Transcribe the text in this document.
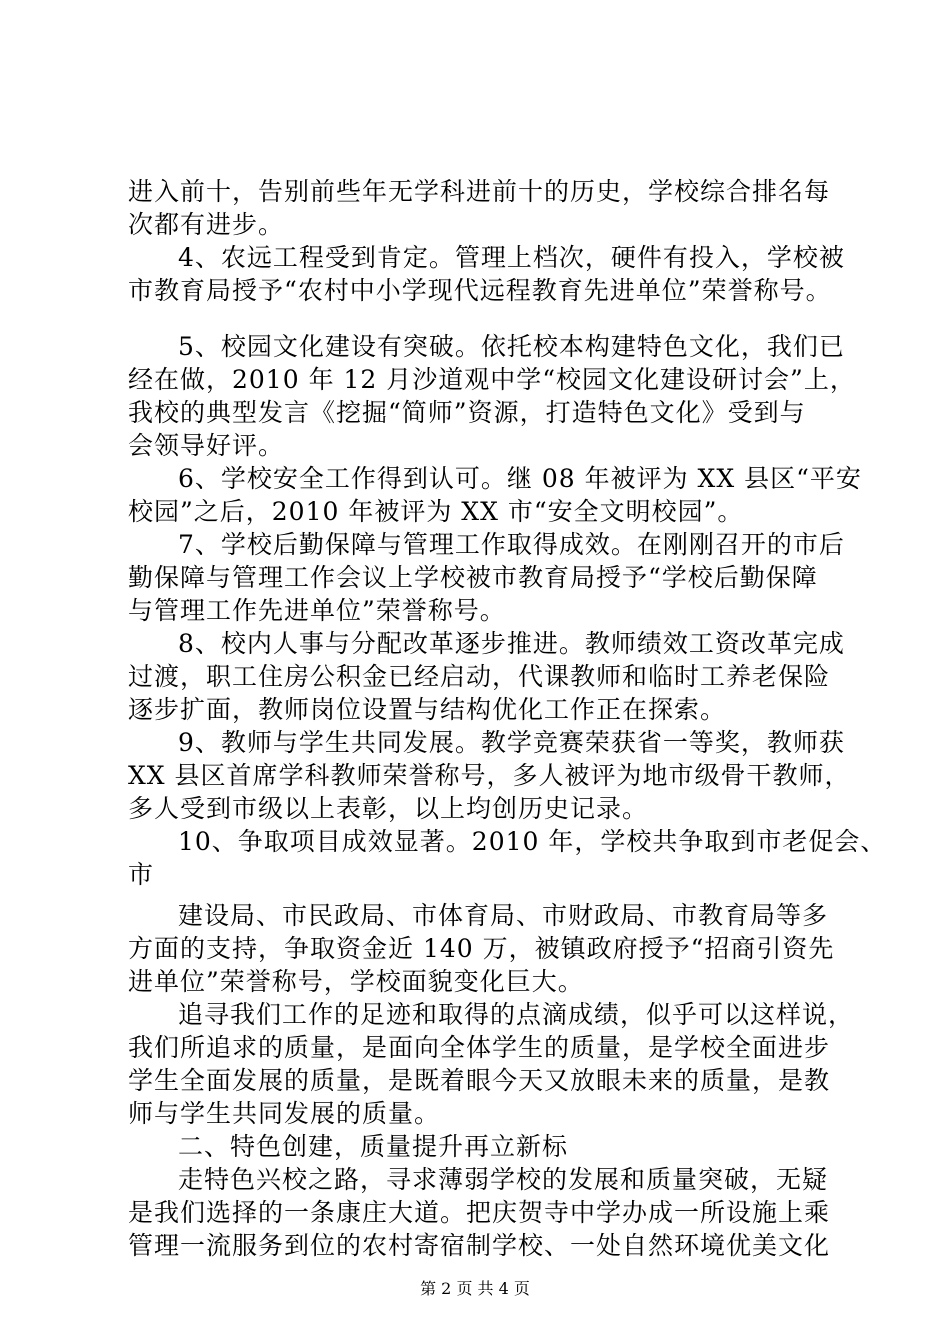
进入前十，告别前些年无学科进前十的历史，学校综合排名每
次都有进步。
4、农远工程受到肯定。管理上档次，硬件有投入，学校被
市教育局授予“农村中小学现代远程教育先进单位”荣誉称号。
5、校园文化建设有突破。依托校本构建特色文化，我们已
经在做，2010 年 12 月沙道观中学“校园文化建设研讨会”上，
我校的典型发言《挖掘“简师”资源，打造特色文化》受到与
会领导好评。
6、学校安全工作得到认可。继 08 年被评为 XX 县区“平安
校园”之后，2010 年被评为 XX 市“安全文明校园”。
7、学校后勤保障与管理工作取得成效。在刚刚召开的市后
勤保障与管理工作会议上学校被市教育局授予“学校后勤保障
与管理工作先进单位”荣誉称号。
8、校内人事与分配改革逐步推进。教师绩效工资改革完成
过渡，职工住房公积金已经启动，代课教师和临时工养老保险
逐步扩面，教师岗位设置与结构优化工作正在探索。
9、教师与学生共同发展。教学竞赛荣获省一等奖，教师获
XX 县区首席学科教师荣誉称号，多人被评为地市级骨干教师，
多人受到市级以上表彰，以上均创历史记录。
10、争取项目成效显著。2010 年，学校共争取到市老促会、
市
建设局、市民政局、市体育局、市财政局、市教育局等多
方面的支持，争取资金近 140 万，被镇政府授予“招商引资先
进单位”荣誉称号，学校面貌变化巨大。
追寻我们工作的足迹和取得的点滴成绩，似乎可以这样说，
我们所追求的质量，是面向全体学生的质量，是学校全面进步
学生全面发展的质量，是既着眼今天又放眼未来的质量，是教
师与学生共同发展的质量。
二、特色创建，质量提升再立新标
走特色兴校之路，寻求薄弱学校的发展和质量突破，无疑
是我们选择的一条康庄大道。把庆贺寺中学办成一所设施上乘
管理一流服务到位的农村寄宿制学校、一处自然环境优美文化
第 2 页 共 4 页
